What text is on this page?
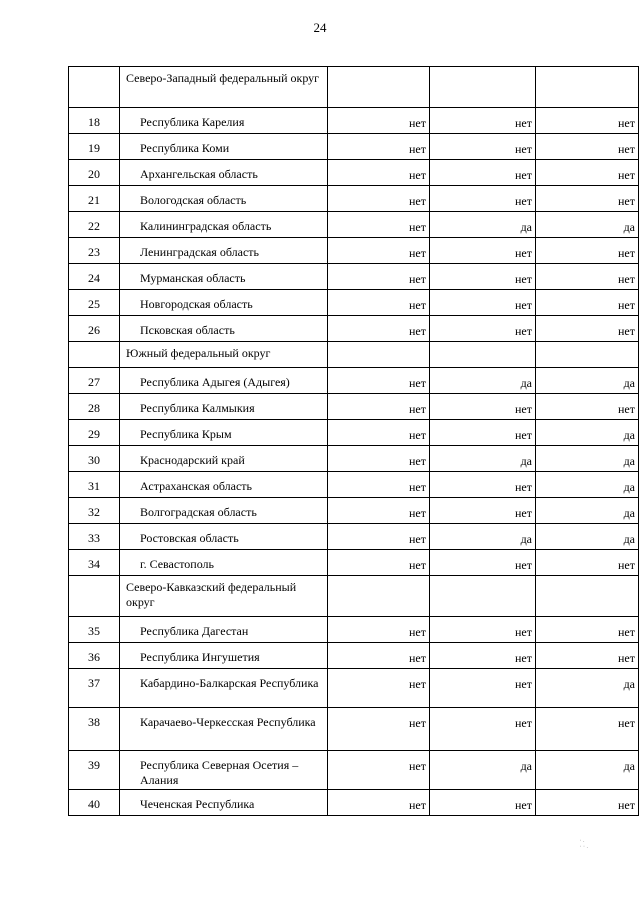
24
	Северо-Западный федеральный округ			
18	Республика Карелия	нет	нет	нет
19	Республика Коми	нет	нет	нет
20	Архангельская область	нет	нет	нет
21	Вологодская область	нет	нет	нет
22	Калининградская область	нет	да	да
23	Ленинградская область	нет	нет	нет
24	Мурманская область	нет	нет	нет
25	Новгородская область	нет	нет	нет
26	Псковская область	нет	нет	нет
	Южный федеральный округ			
27	Республика Адыгея (Адыгея)	нет	да	да
28	Республика Калмыкия	нет	нет	нет
29	Республика Крым	нет	нет	да
30	Краснодарский край	нет	да	да
31	Астраханская область	нет	нет	да
32	Волгоградская область	нет	нет	да
33	Ростовская область	нет	да	да
34	г. Севастополь	нет	нет	нет
	Северо-Кавказский федеральный округ			
35	Республика Дагестан	нет	нет	нет
36	Республика Ингушетия	нет	нет	нет
37	Кабардино-Балкарская Республика	нет	нет	да
38	Карачаево-Черкесская Республика	нет	нет	нет
39	Республика Северная Осетия – Алания	нет	да	да
40	Чеченская Республика	нет	нет	нет
· .
· · .
